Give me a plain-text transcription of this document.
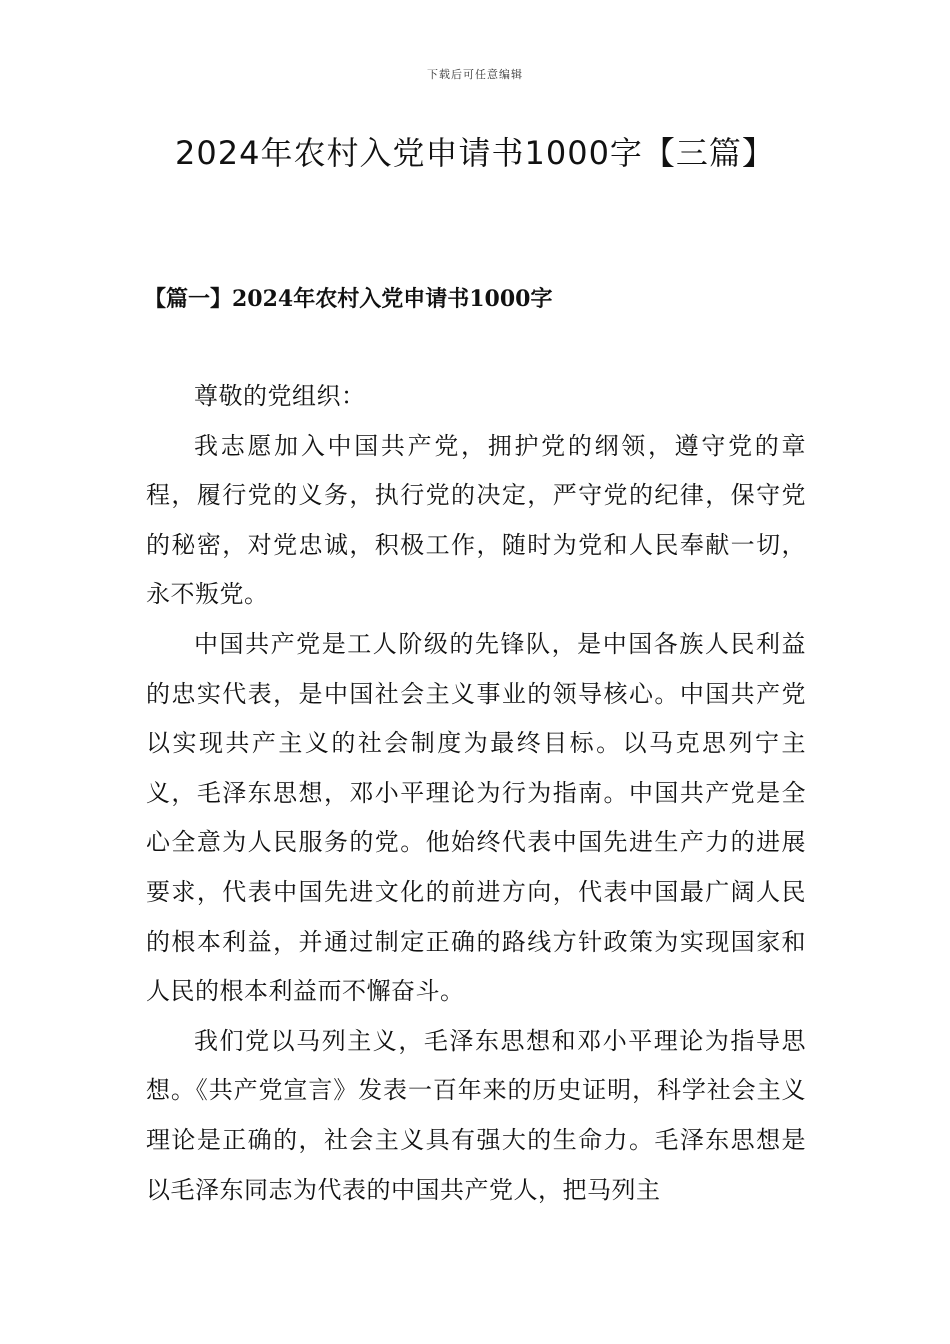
下载后可任意编辑
2024年农村入党申请书1000字【三篇】
【篇一】2024年农村入党申请书1000字

尊敬的党组织：

我志愿加入中国共产党，拥护党的纲领，遵守党的章程，履行党的义务，执行党的决定，严守党的纪律，保守党的秘密，对党忠诚，积极工作，随时为党和人民奉献一切，永不叛党。

中国共产党是工人阶级的先锋队，是中国各族人民利益的忠实代表，是中国社会主义事业的领导核心。中国共产党以实现共产主义的社会制度为最终目标。以马克思列宁主义，毛泽东思想，邓小平理论为行为指南。中国共产党是全心全意为人民服务的党。他始终代表中国先进生产力的进展要求，代表中国先进文化的前进方向，代表中国最广阔人民的根本利益，并通过制定正确的路线方针政策为实现国家和人民的根本利益而不懈奋斗。

我们党以马列主义，毛泽东思想和邓小平理论为指导思想。《共产党宣言》发表一百年来的历史证明，科学社会主义理论是正确的，社会主义具有强大的生命力。毛泽东思想是以毛泽东同志为代表的中国共产党人，把马列主
